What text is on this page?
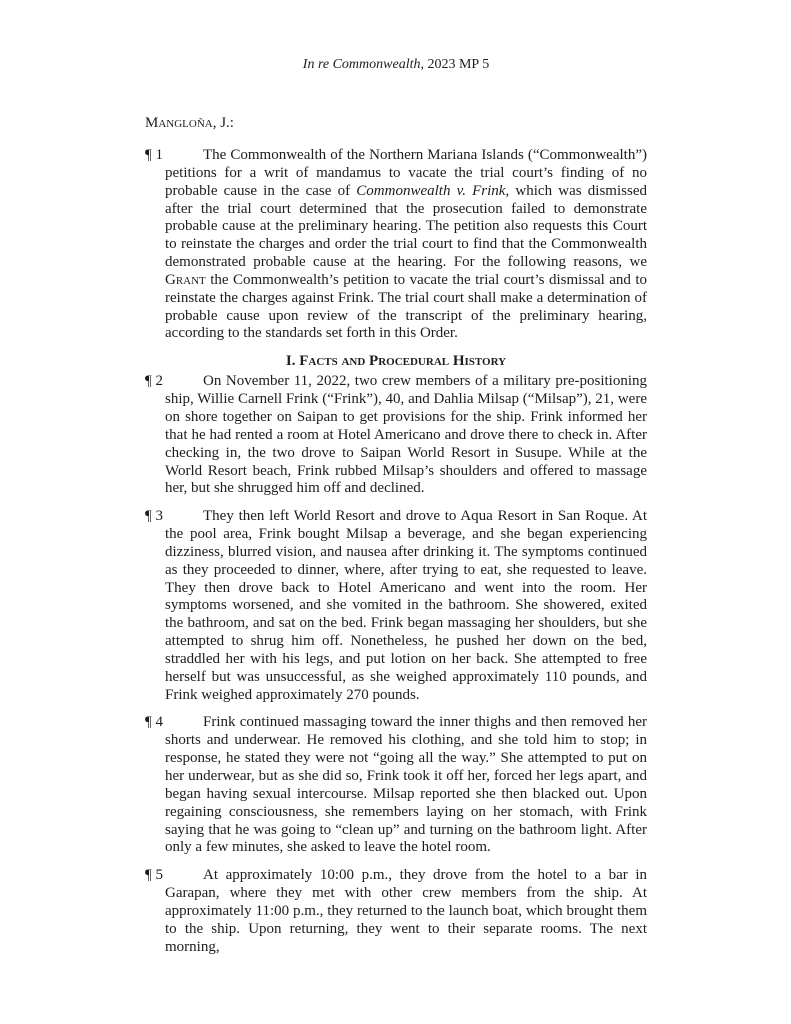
In re Commonwealth, 2023 MP 5
Mangloña, J.:
¶ 1	The Commonwealth of the Northern Mariana Islands (“Commonwealth”) petitions for a writ of mandamus to vacate the trial court’s finding of no probable cause in the case of Commonwealth v. Frink, which was dismissed after the trial court determined that the prosecution failed to demonstrate probable cause at the preliminary hearing. The petition also requests this Court to reinstate the charges and order the trial court to find that the Commonwealth demonstrated probable cause at the hearing. For the following reasons, we Grant the Commonwealth’s petition to vacate the trial court’s dismissal and to reinstate the charges against Frink. The trial court shall make a determination of probable cause upon review of the transcript of the preliminary hearing, according to the standards set forth in this Order.
I. Facts and Procedural History
¶ 2	On November 11, 2022, two crew members of a military pre-positioning ship, Willie Carnell Frink (“Frink”), 40, and Dahlia Milsap (“Milsap”), 21, were on shore together on Saipan to get provisions for the ship. Frink informed her that he had rented a room at Hotel Americano and drove there to check in. After checking in, the two drove to Saipan World Resort in Susupe. While at the World Resort beach, Frink rubbed Milsap’s shoulders and offered to massage her, but she shrugged him off and declined.
¶ 3	They then left World Resort and drove to Aqua Resort in San Roque. At the pool area, Frink bought Milsap a beverage, and she began experiencing dizziness, blurred vision, and nausea after drinking it. The symptoms continued as they proceeded to dinner, where, after trying to eat, she requested to leave. They then drove back to Hotel Americano and went into the room. Her symptoms worsened, and she vomited in the bathroom. She showered, exited the bathroom, and sat on the bed. Frink began massaging her shoulders, but she attempted to shrug him off. Nonetheless, he pushed her down on the bed, straddled her with his legs, and put lotion on her back. She attempted to free herself but was unsuccessful, as she weighed approximately 110 pounds, and Frink weighed approximately 270 pounds.
¶ 4	Frink continued massaging toward the inner thighs and then removed her shorts and underwear. He removed his clothing, and she told him to stop; in response, he stated they were not “going all the way.” She attempted to put on her underwear, but as she did so, Frink took it off her, forced her legs apart, and began having sexual intercourse. Milsap reported she then blacked out. Upon regaining consciousness, she remembers laying on her stomach, with Frink saying that he was going to “clean up” and turning on the bathroom light. After only a few minutes, she asked to leave the hotel room.
¶ 5	At approximately 10:00 p.m., they drove from the hotel to a bar in Garapan, where they met with other crew members from the ship. At approximately 11:00 p.m., they returned to the launch boat, which brought them to the ship. Upon returning, they went to their separate rooms. The next morning,
